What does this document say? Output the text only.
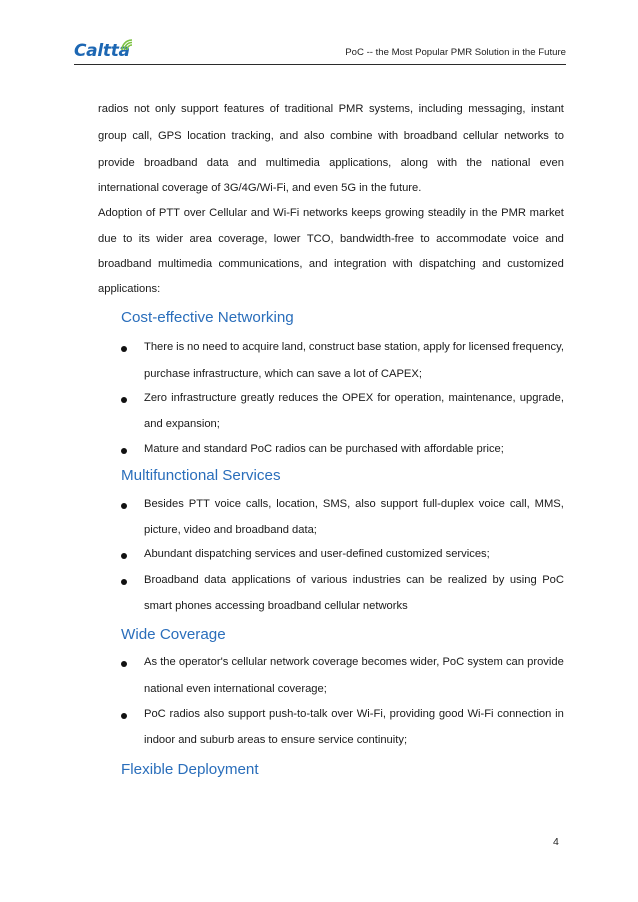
Caltta	PoC -- the Most Popular PMR Solution in the Future
radios not only support features of traditional PMR systems, including messaging, instant
group call, GPS location tracking, and also combine with broadband cellular networks to
provide broadband data and multimedia applications, along with the national even
international coverage of 3G/4G/Wi-Fi, and even 5G in the future.
Adoption of PTT over Cellular and Wi-Fi networks keeps growing steadily in the PMR market
due to its wider area coverage, lower TCO, bandwidth-free to accommodate voice and
broadband multimedia communications, and integration with dispatching and customized
applications:
Cost-effective Networking
There is no need to acquire land, construct base station, apply for licensed frequency,
purchase infrastructure, which can save a lot of CAPEX;
Zero infrastructure greatly reduces the OPEX for operation, maintenance, upgrade,
and expansion;
Mature and standard PoC radios can be purchased with affordable price;
Multifunctional Services
Besides PTT voice calls, location, SMS, also support full-duplex voice call, MMS,
picture, video and broadband data;
Abundant dispatching services and user-defined customized services;
Broadband data applications of various industries can be realized by using PoC
smart phones accessing broadband cellular networks
Wide Coverage
As the operator's cellular network coverage becomes wider, PoC system can provide
national even international coverage;
PoC radios also support push-to-talk over Wi-Fi, providing good Wi-Fi connection in
indoor and suburb areas to ensure service continuity;
Flexible Deployment
4
